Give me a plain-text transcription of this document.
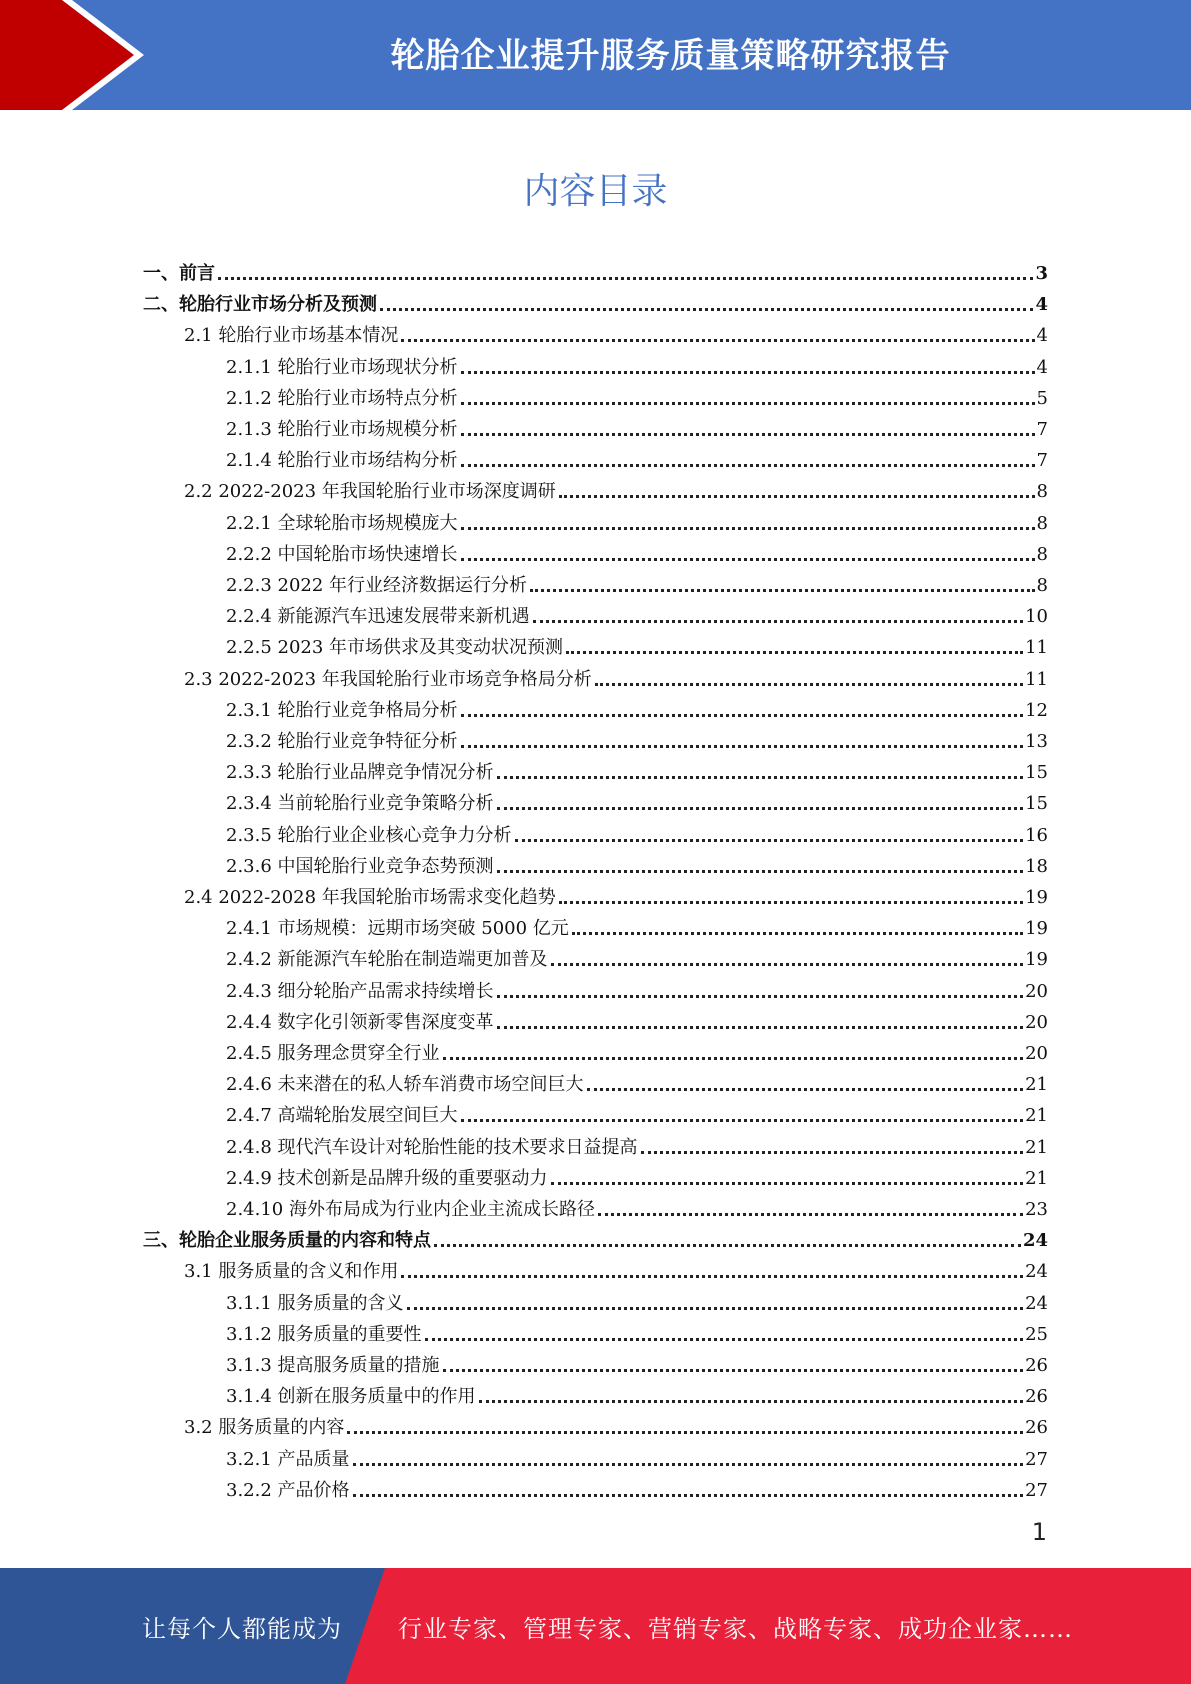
轮胎企业提升服务质量策略研究报告
内容目录
一、前言	3
二、轮胎行业市场分析及预测	4
2.1 轮胎行业市场基本情况	4
2.1.1 轮胎行业市场现状分析	4
2.1.2 轮胎行业市场特点分析	5
2.1.3 轮胎行业市场规模分析	7
2.1.4 轮胎行业市场结构分析	7
2.2 2022-2023 年我国轮胎行业市场深度调研	8
2.2.1 全球轮胎市场规模庞大	8
2.2.2 中国轮胎市场快速增长	8
2.2.3 2022 年行业经济数据运行分析	8
2.2.4 新能源汽车迅速发展带来新机遇	10
2.2.5 2023 年市场供求及其变动状况预测	11
2.3 2022-2023 年我国轮胎行业市场竞争格局分析	11
2.3.1 轮胎行业竞争格局分析	12
2.3.2 轮胎行业竞争特征分析	13
2.3.3 轮胎行业品牌竞争情况分析	15
2.3.4 当前轮胎行业竞争策略分析	15
2.3.5 轮胎行业企业核心竞争力分析	16
2.3.6 中国轮胎行业竞争态势预测	18
2.4 2022-2028 年我国轮胎市场需求变化趋势	19
2.4.1 市场规模：远期市场突破 5000 亿元	19
2.4.2 新能源汽车轮胎在制造端更加普及	19
2.4.3 细分轮胎产品需求持续增长	20
2.4.4 数字化引领新零售深度变革	20
2.4.5 服务理念贯穿全行业	20
2.4.6 未来潜在的私人轿车消费市场空间巨大	21
2.4.7 高端轮胎发展空间巨大	21
2.4.8 现代汽车设计对轮胎性能的技术要求日益提高	21
2.4.9 技术创新是品牌升级的重要驱动力	21
2.4.10 海外布局成为行业内企业主流成长路径	23
三、轮胎企业服务质量的内容和特点	24
3.1 服务质量的含义和作用	24
3.1.1 服务质量的含义	24
3.1.2 服务质量的重要性	25
3.1.3 提高服务质量的措施	26
3.1.4 创新在服务质量中的作用	26
3.2 服务质量的内容	26
3.2.1 产品质量	27
3.2.2 产品价格	27
1
让每个人都能成为 行业专家、管理专家、营销专家、战略专家、成功企业家……
